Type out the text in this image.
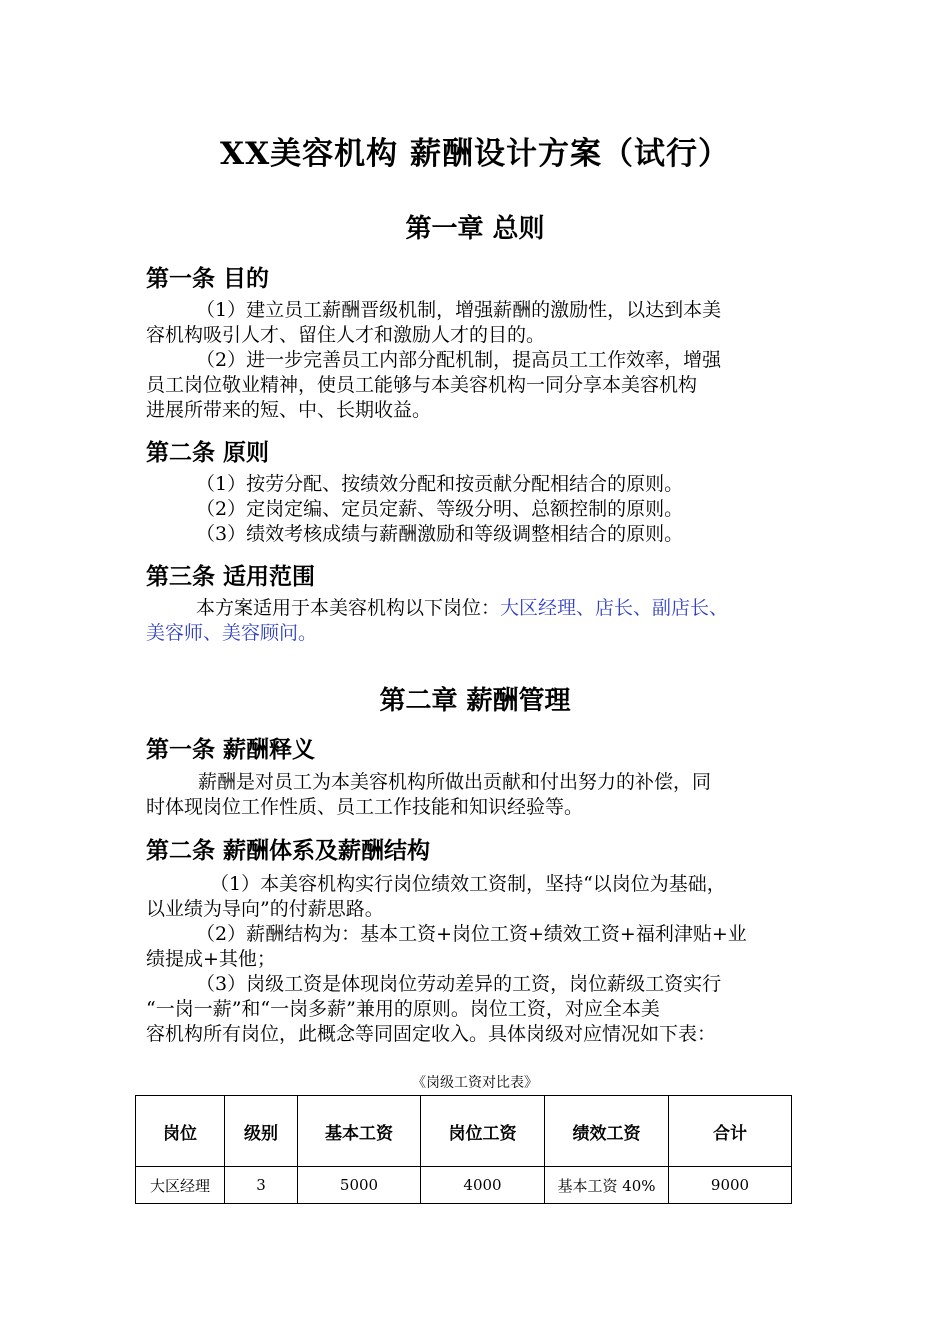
XX美容机构 薪酬设计方案（试行）
第一章 总则
第一条 目的
（1）建立员工薪酬晋级机制，增强薪酬的激励性，以达到本美
容机构吸引人才、留住人才和激励人才的目的。
（2）进一步完善员工内部分配机制，提高员工工作效率，增强
员工岗位敬业精神，使员工能够与本美容机构一同分享本美容机构
进展所带来的短、中、长期收益。
第二条 原则
（1）按劳分配、按绩效分配和按贡献分配相结合的原则。
（2）定岗定编、定员定薪、等级分明、总额控制的原则。
（3）绩效考核成绩与薪酬激励和等级调整相结合的原则。
第三条 适用范围
本方案适用于本美容机构以下岗位：大区经理、店长、副店长、
美容师、美容顾问。
第二章 薪酬管理
第一条 薪酬释义
薪酬是对员工为本美容机构所做出贡献和付出努力的补偿，同
时体现岗位工作性质、员工工作技能和知识经验等。
第二条 薪酬体系及薪酬结构
（1）本美容机构实行岗位绩效工资制，坚持“以岗位为基础，
以业绩为导向”的付薪思路。
（2）薪酬结构为：基本工资+岗位工资+绩效工资+福利津贴+业
绩提成+其他；
（3）岗级工资是体现岗位劳动差异的工资，岗位薪级工资实行
“一岗一薪”和“一岗多薪”兼用的原则。岗位工资，对应全本美
容机构所有岗位，此概念等同固定收入。具体岗级对应情况如下表：
《岗级工资对比表》
岗位	级别	基本工资	岗位工资	绩效工资	合计
大区经理	3	5000	4000	基本工资 40%	9000
